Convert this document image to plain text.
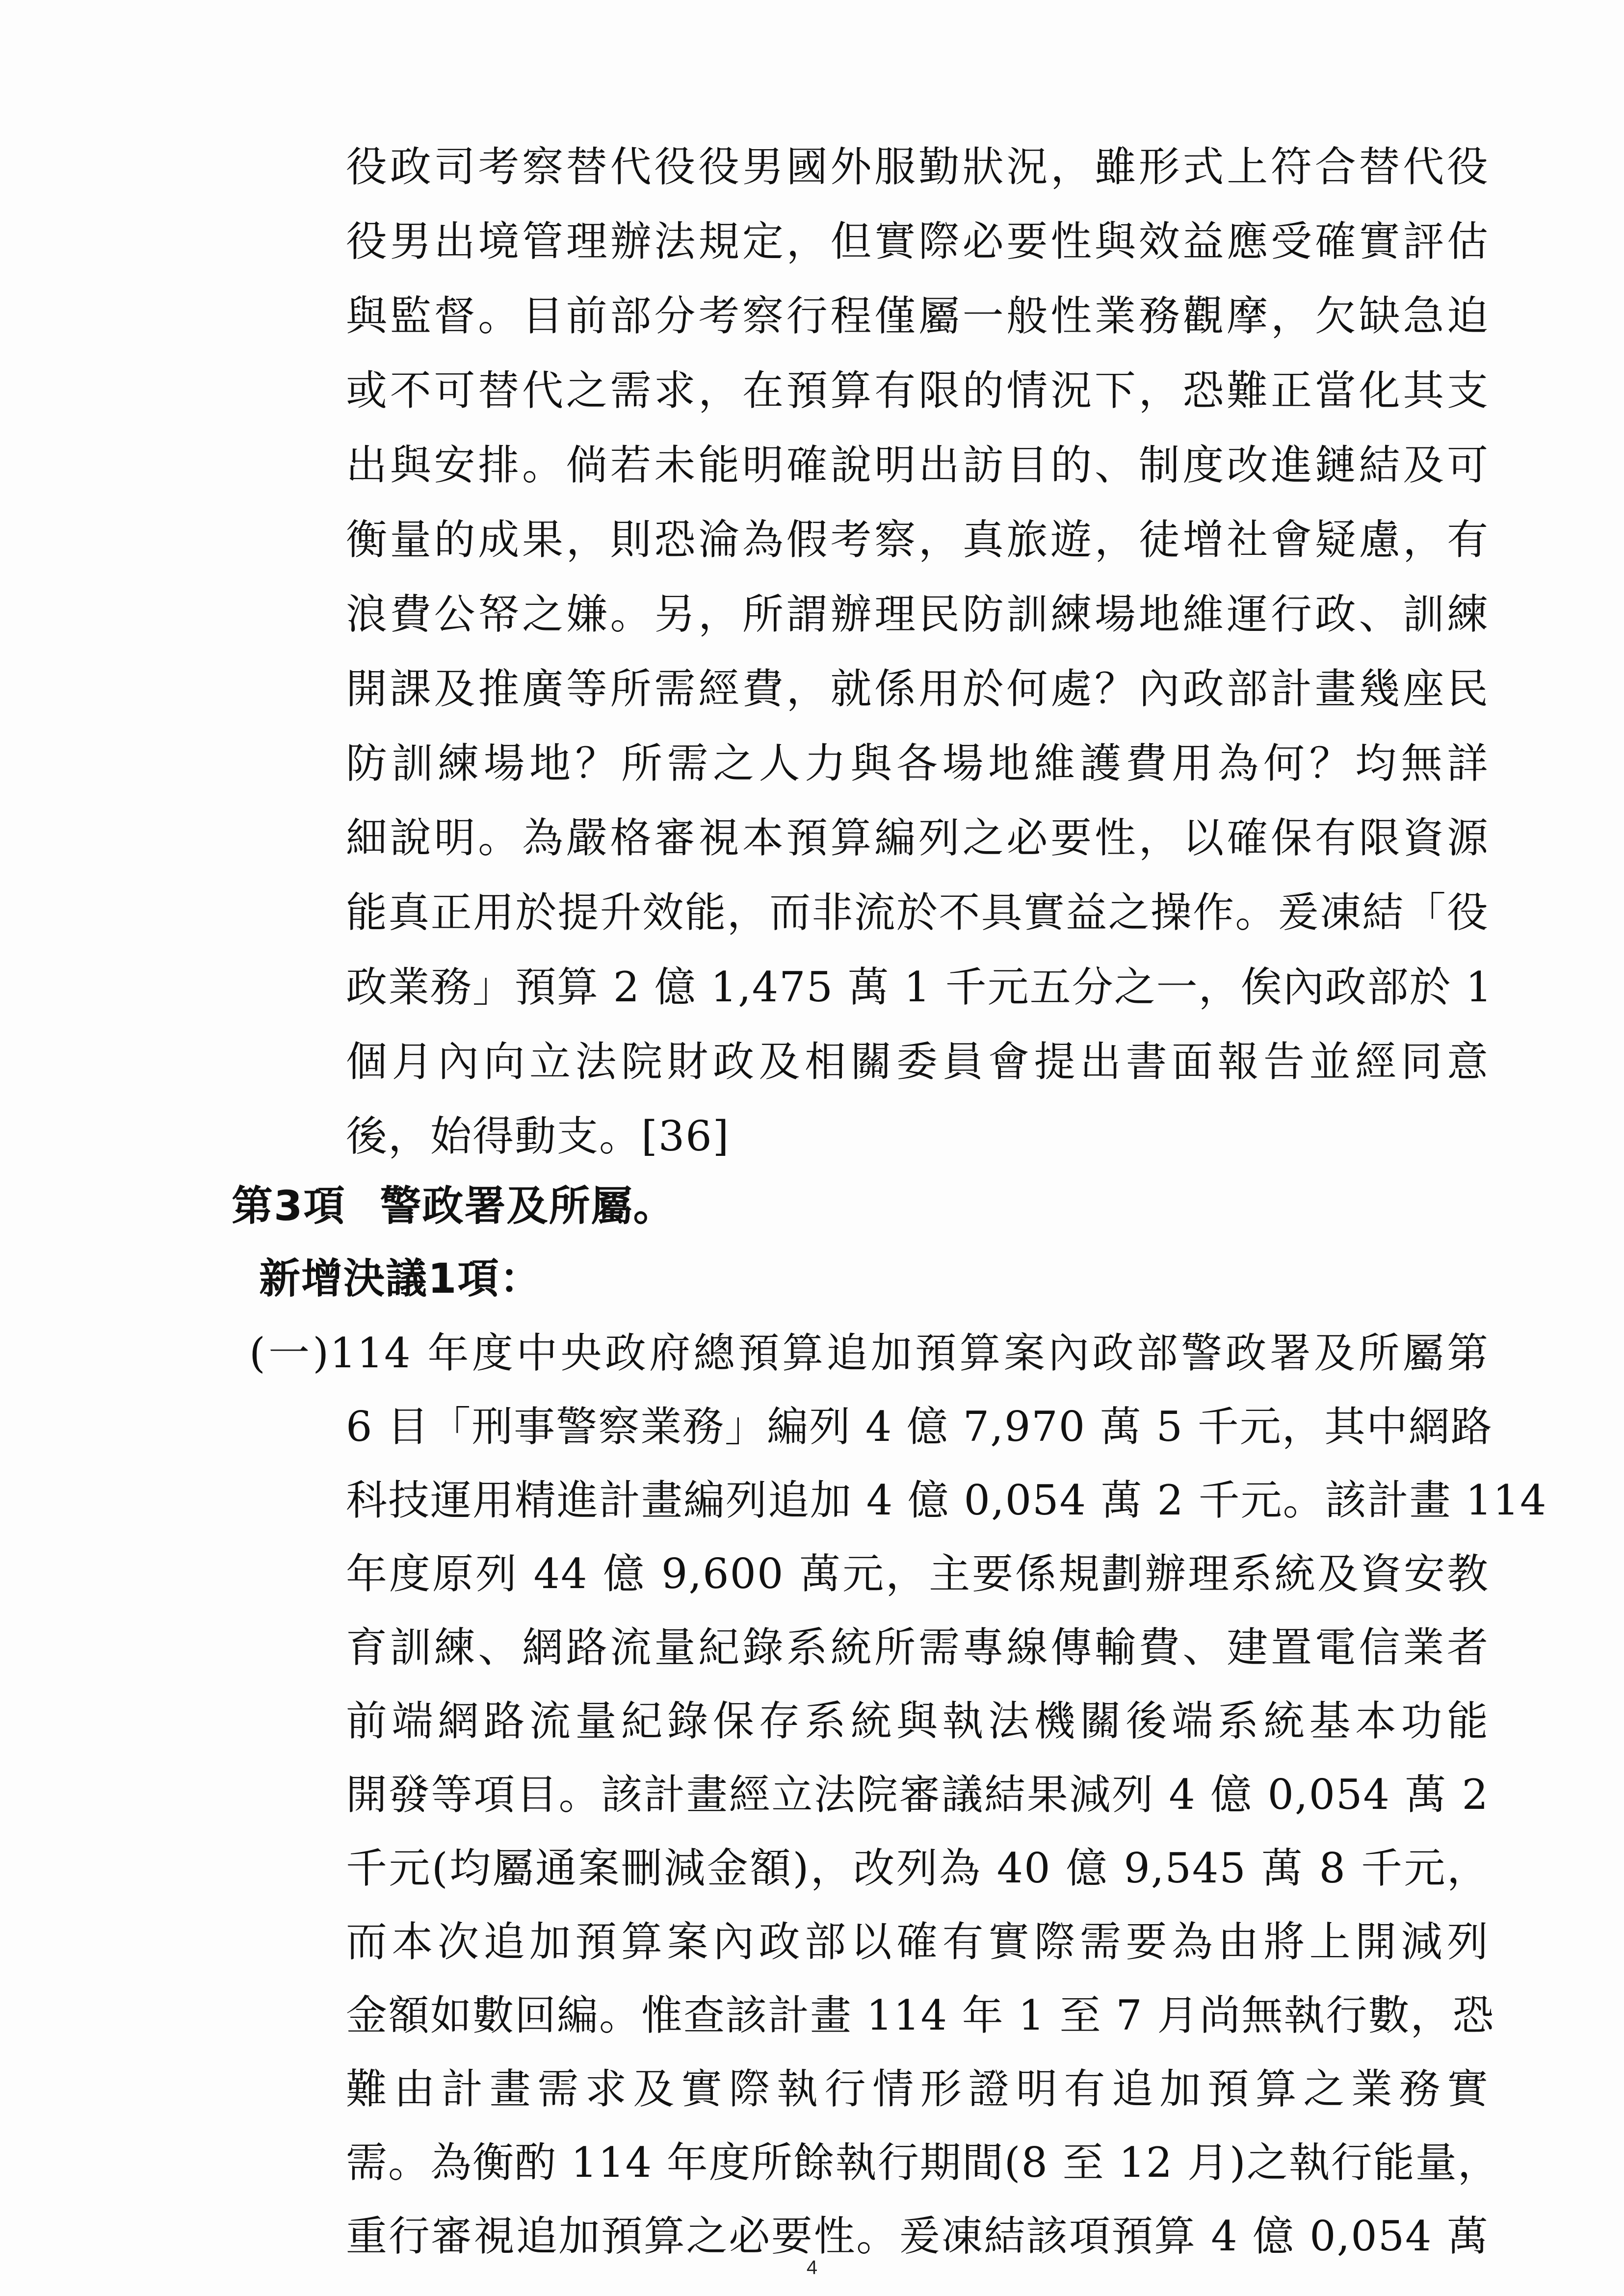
役政司考察替代役役男國外服勤狀況，雖形式上符合替代役
役男出境管理辦法規定，但實際必要性與效益應受確實評估
與監督。目前部分考察行程僅屬一般性業務觀摩，欠缺急迫
或不可替代之需求，在預算有限的情況下，恐難正當化其支
出與安排。倘若未能明確說明出訪目的、制度改進鏈結及可
衡量的成果，則恐淪為假考察，真旅遊，徒增社會疑慮，有
浪費公帑之嫌。另，所謂辦理民防訓練場地維運行政、訓練
開課及推廣等所需經費，就係用於何處？內政部計畫幾座民
防訓練場地？所需之人力與各場地維護費用為何？均無詳
細說明。為嚴格審視本預算編列之必要性，以確保有限資源
能真正用於提升效能，而非流於不具實益之操作。爰凍結「役
政業務」預算 2 億 1,475 萬 1 千元五分之一，俟內政部於 1
個月內向立法院財政及相關委員會提出書面報告並經同意
後，始得動支。[36]
第3項 警政署及所屬。
新增決議1項：
(一)114 年度中央政府總預算追加預算案內政部警政署及所屬第
6 目「刑事警察業務」編列 4 億 7,970 萬 5 千元，其中網路
科技運用精進計畫編列追加 4 億 0,054 萬 2 千元。該計畫 114
年度原列 44 億 9,600 萬元，主要係規劃辦理系統及資安教
育訓練、網路流量紀錄系統所需專線傳輸費、建置電信業者
前端網路流量紀錄保存系統與執法機關後端系統基本功能
開發等項目。該計畫經立法院審議結果減列 4 億 0,054 萬 2
千元(均屬通案刪減金額)，改列為 40 億 9,545 萬 8 千元，
而本次追加預算案內政部以確有實際需要為由將上開減列
金額如數回編。惟查該計畫 114 年 1 至 7 月尚無執行數，恐
難由計畫需求及實際執行情形證明有追加預算之業務實
需。為衡酌 114 年度所餘執行期間(8 至 12 月)之執行能量，
重行審視追加預算之必要性。爰凍結該項預算 4 億 0,054 萬
4
